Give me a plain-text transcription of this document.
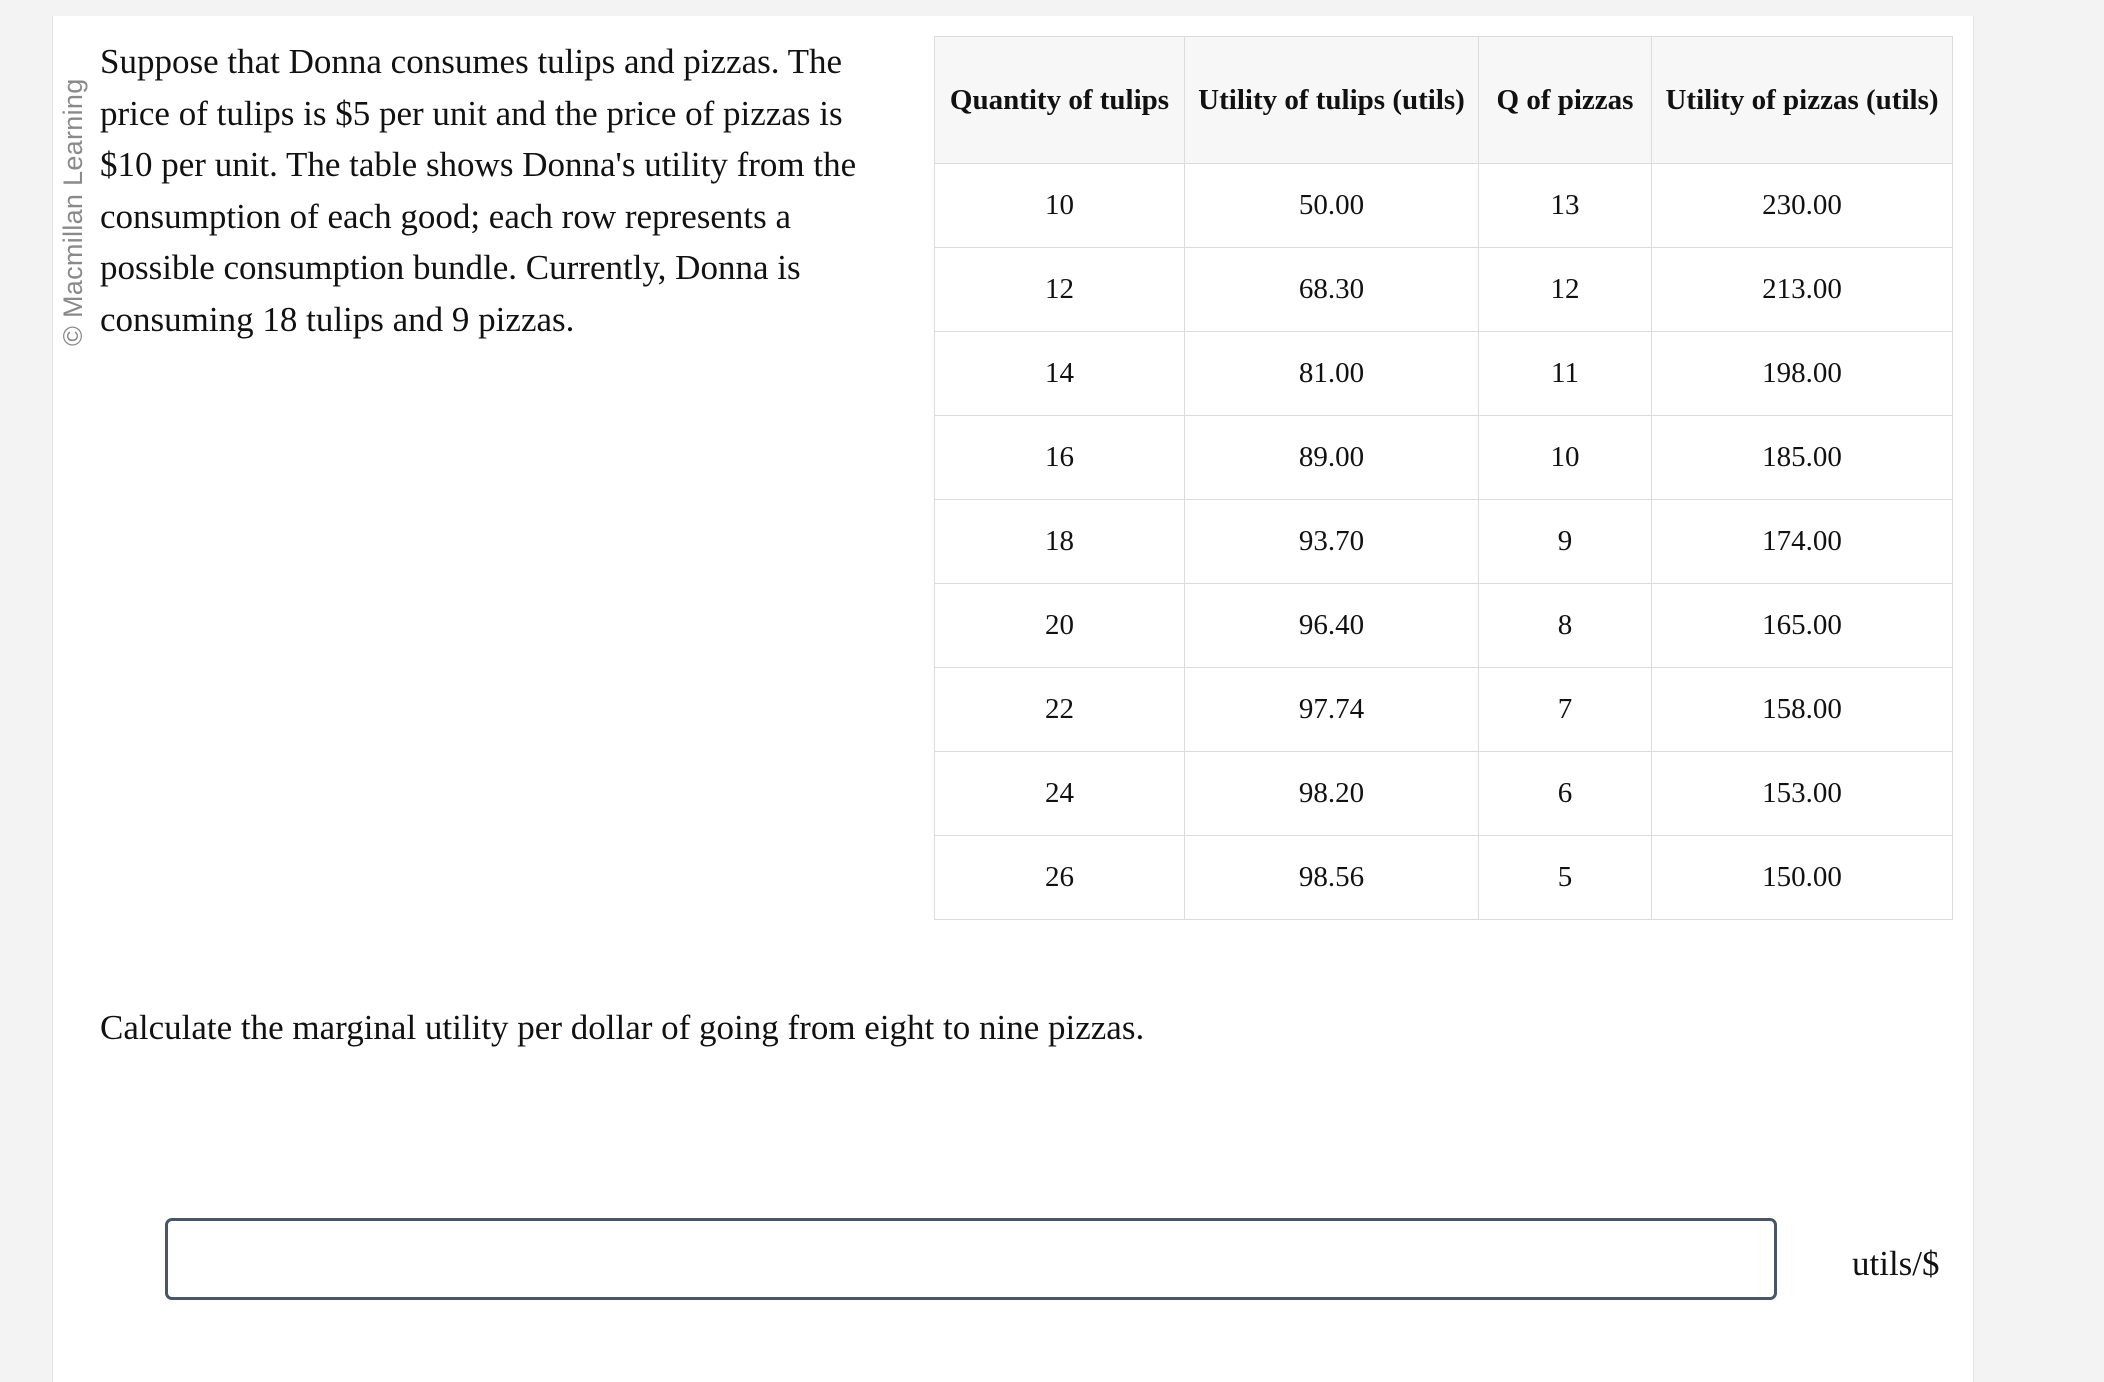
© Macmillan Learning

Suppose that Donna consumes tulips and pizzas. The price of tulips is $5 per unit and the price of pizzas is $10 per unit. The table shows Donna's utility from the consumption of each good; each row represents a possible consumption bundle. Currently, Donna is consuming 18 tulips and 9 pizzas.

Quantity of tulips	Utility of tulips (utils)	Q of pizzas	Utility of pizzas (utils)
10	50.00	13	230.00
12	68.30	12	213.00
14	81.00	11	198.00
16	89.00	10	185.00
18	93.70	9	174.00
20	96.40	8	165.00
22	97.74	7	158.00
24	98.20	6	153.00
26	98.56	5	150.00

Calculate the marginal utility per dollar of going from eight to nine pizzas.

utils/$
